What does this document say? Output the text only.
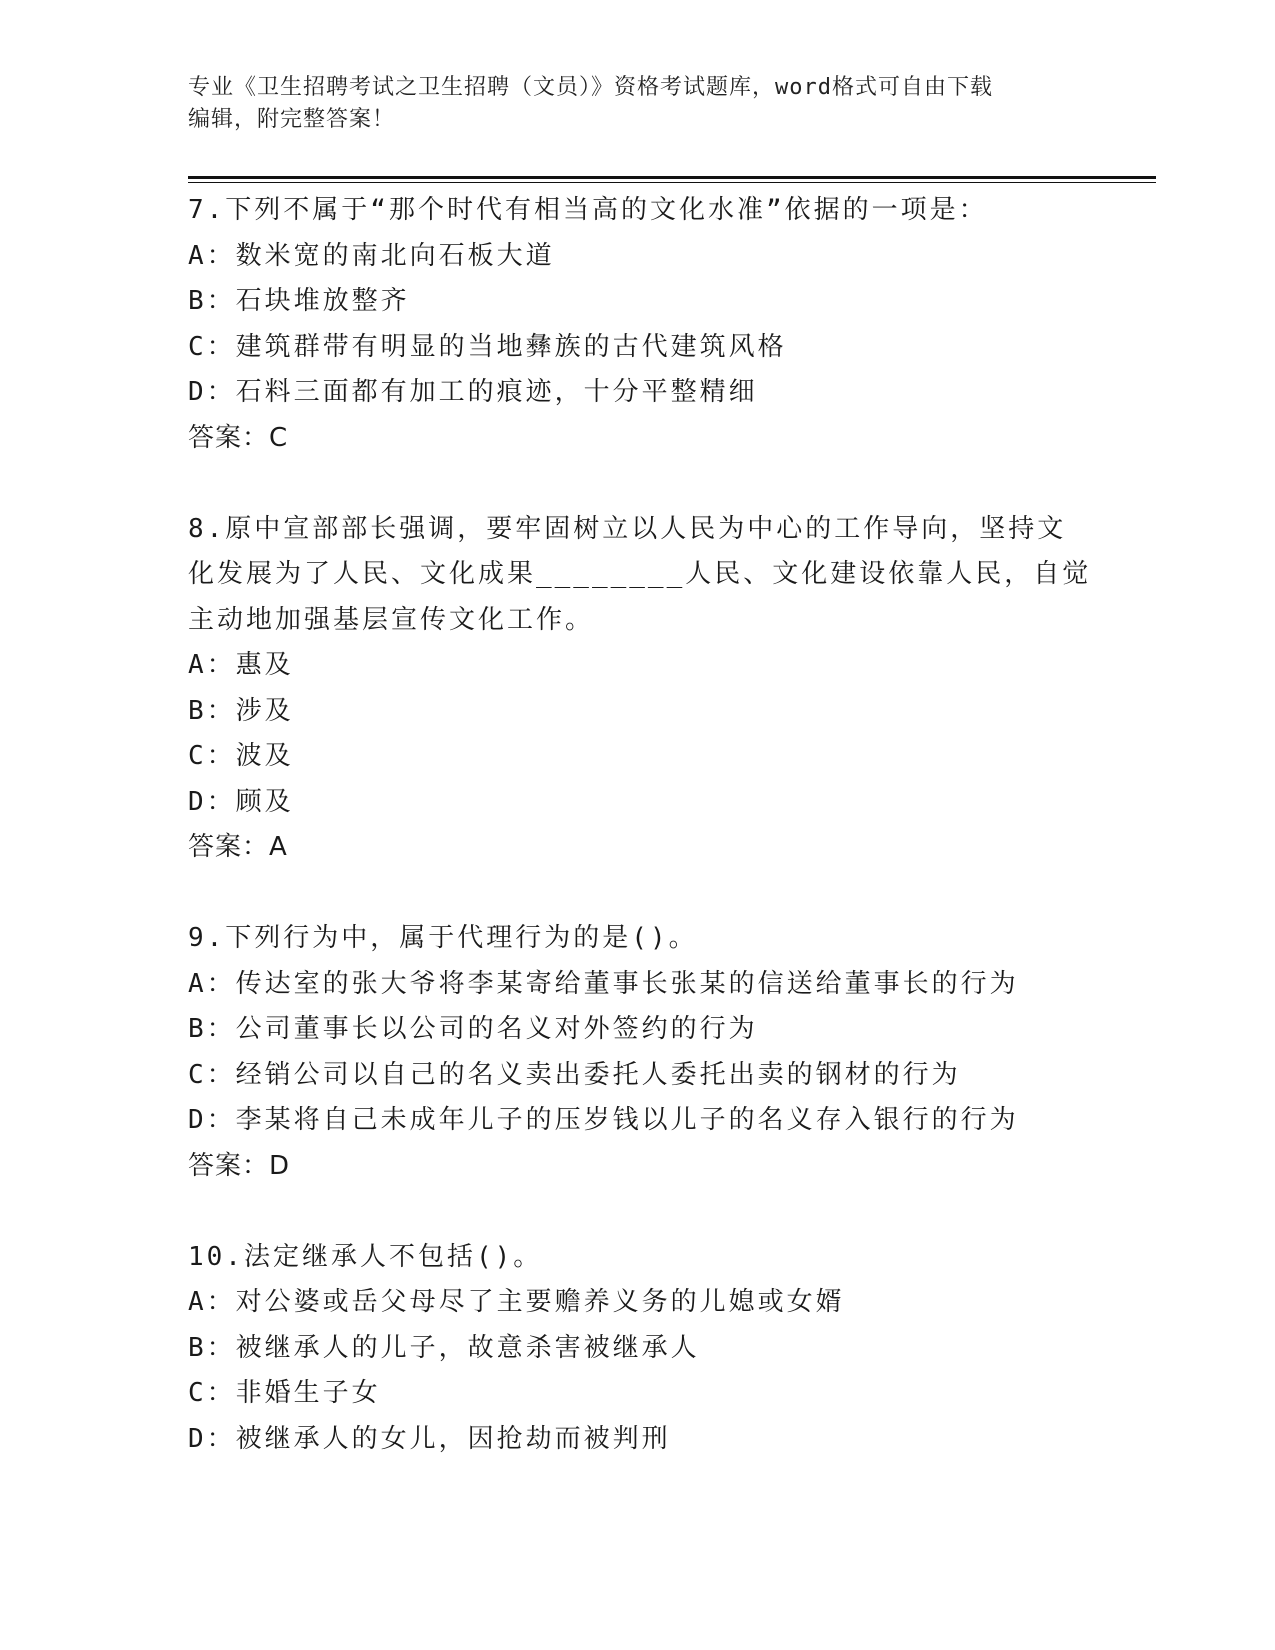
专业《卫生招聘考试之卫生招聘（文员）》资格考试题库，word格式可自由下载
编辑，附完整答案！
7.下列不属于“那个时代有相当高的文化水准”依据的一项是：
A：数米宽的南北向石板大道
B：石块堆放整齐
C：建筑群带有明显的当地彝族的古代建筑风格
D：石料三面都有加工的痕迹，十分平整精细
答案：C
8.原中宣部部长强调，要牢固树立以人民为中心的工作导向，坚持文
化发展为了人民、文化成果________人民、文化建设依靠人民，自觉
主动地加强基层宣传文化工作。
A：惠及
B：涉及
C：波及
D：顾及
答案：A
9.下列行为中，属于代理行为的是()。
A：传达室的张大爷将李某寄给董事长张某的信送给董事长的行为
B：公司董事长以公司的名义对外签约的行为
C：经销公司以自己的名义卖出委托人委托出卖的钢材的行为
D：李某将自己未成年儿子的压岁钱以儿子的名义存入银行的行为
答案：D
10.法定继承人不包括()。
A：对公婆或岳父母尽了主要赡养义务的儿媳或女婿
B：被继承人的儿子，故意杀害被继承人
C：非婚生子女
D：被继承人的女儿，因抢劫而被判刑
